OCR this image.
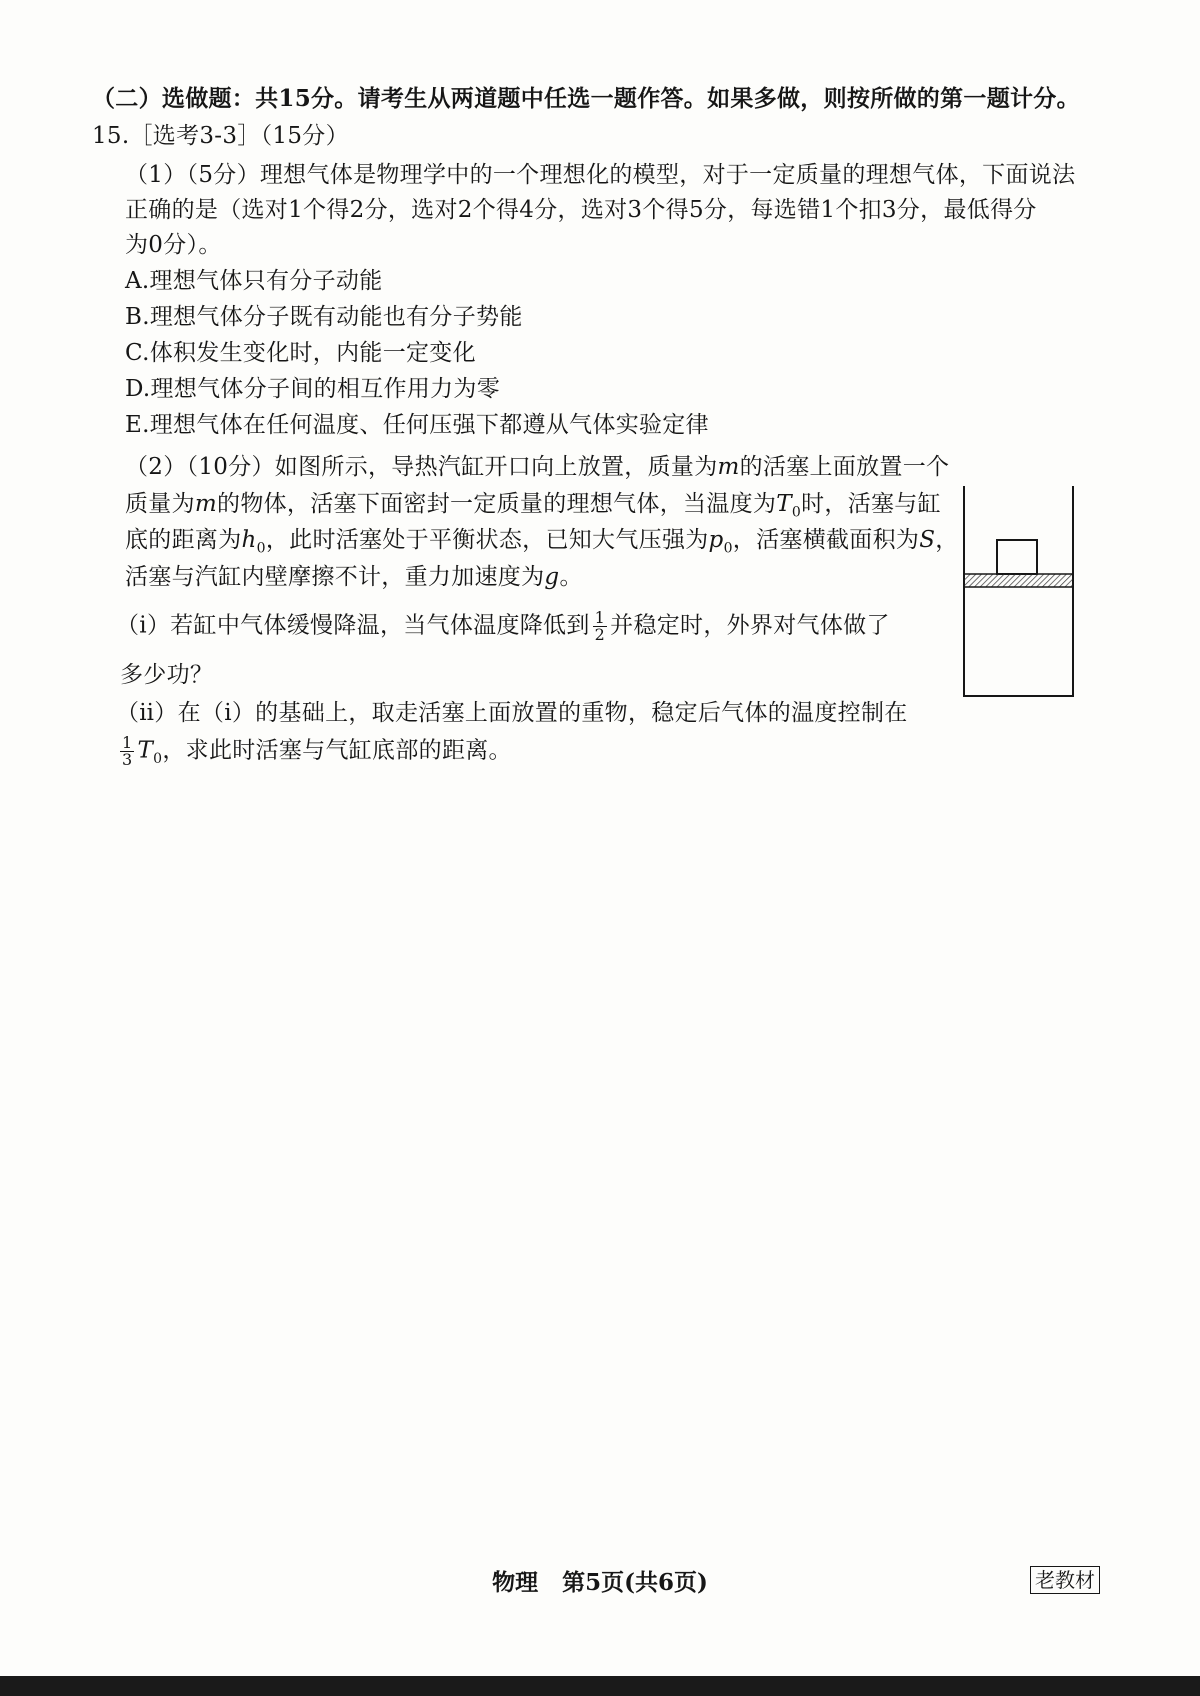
（二）选做题：共15分。请考生从两道题中任选一题作答。如果多做，则按所做的第一题计分。
15.［选考3-3］（15分）
（1）（5分）理想气体是物理学中的一个理想化的模型，对于一定质量的理想气体，下面说法
正确的是（选对1个得2分，选对2个得4分，选对3个得5分，每选错1个扣3分，最低得分
为0分）。
A.理想气体只有分子动能
B.理想气体分子既有动能也有分子势能
C.体积发生变化时，内能一定变化
D.理想气体分子间的相互作用力为零
E.理想气体在任何温度、任何压强下都遵从气体实验定律
（2）（10分）如图所示，导热汽缸开口向上放置，质量为m的活塞上面放置一个
质量为m的物体，活塞下面密封一定质量的理想气体，当温度为$T_0$时，活塞与缸
底的距离为$h_0$，此时活塞处于平衡状态，已知大气压强为$p_0$，活塞横截面积为S，
活塞与汽缸内壁摩擦不计，重力加速度为g。
（ⅰ）若缸中气体缓慢降温，当气体温度降低到 $\frac{1}{2}$ 并稳定时，外界对气体做了
多少功？
（ⅱ）在（ⅰ）的基础上，取走活塞上面放置的重物，稳定后气体的温度控制在
$\frac{1}{3} T_0$，求此时活塞与气缸底部的距离。
物理 第5页(共6页)	老教材
